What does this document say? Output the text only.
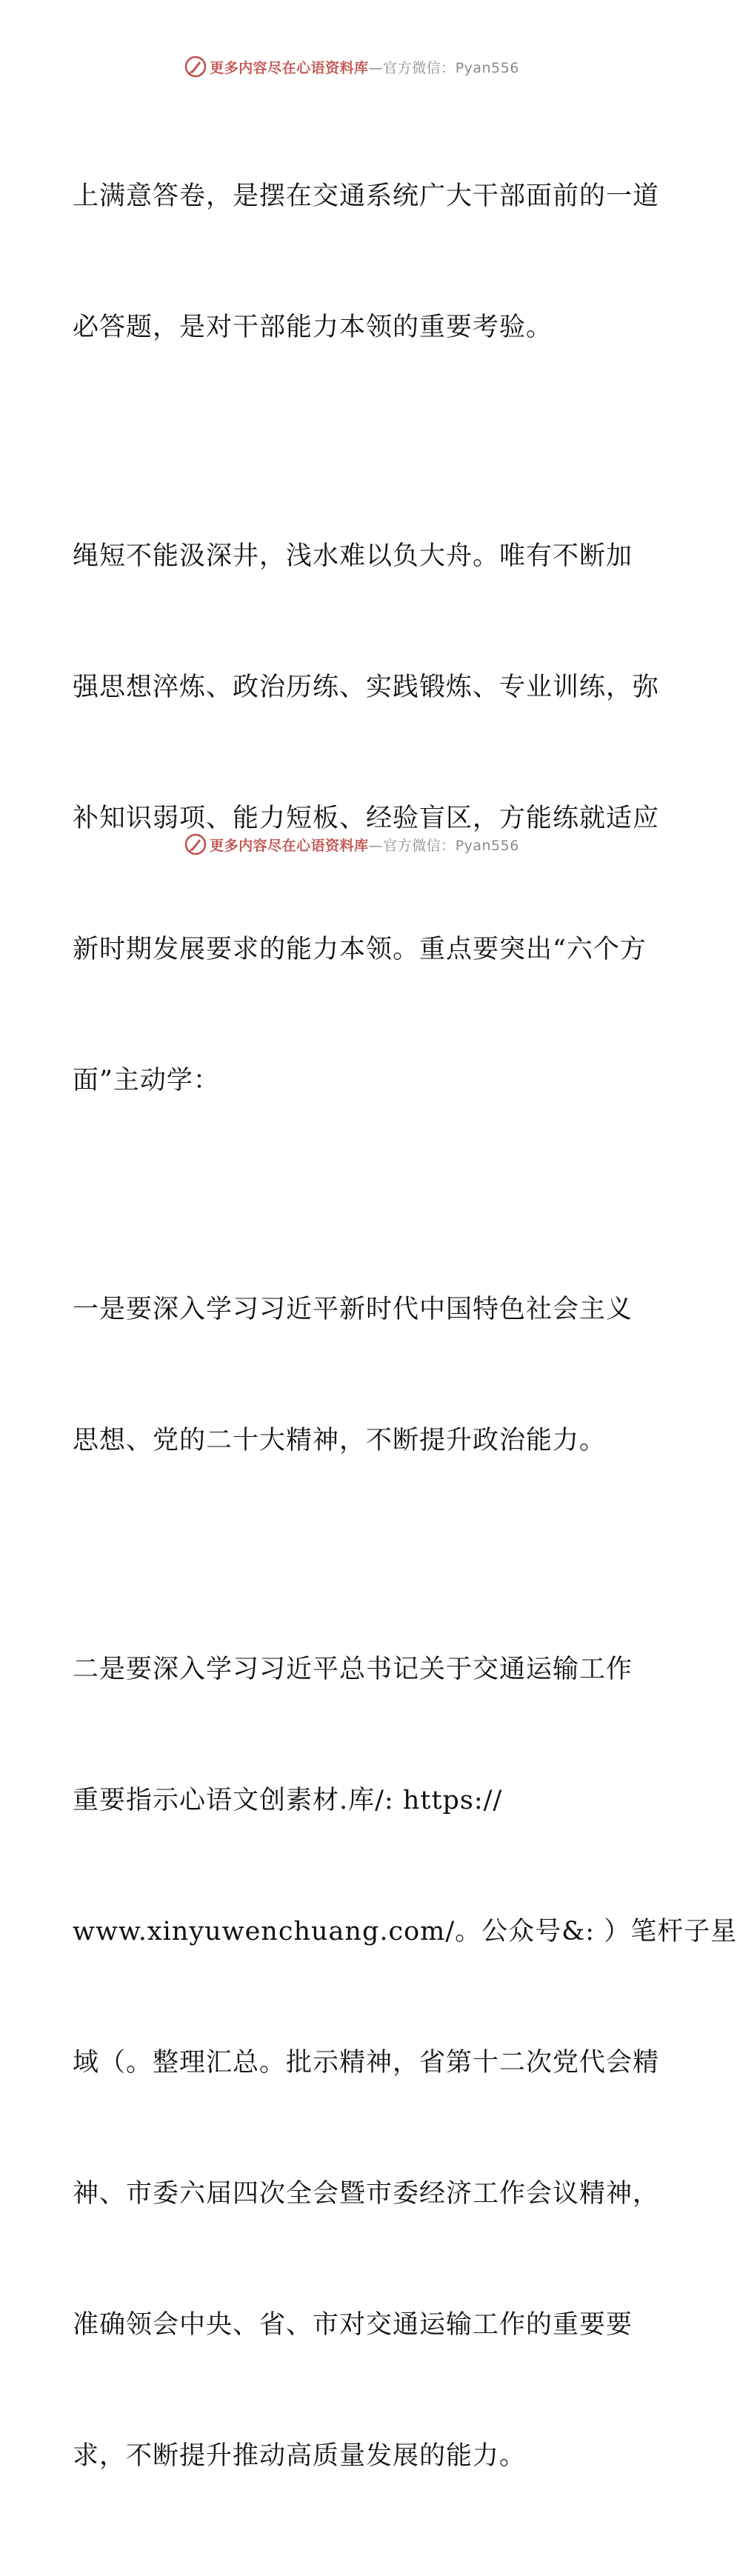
更多内容尽在心语资料库—官方微信：Pyan556

上满意答卷，是摆在交通系统广大干部面前的一道

必答题，是对干部能力本领的重要考验。

绳短不能汲深井，浅水难以负大舟。唯有不断加

强思想淬炼、政治历练、实践锻炼、专业训练，弥

补知识弱项、能力短板、经验盲区，方能练就适应

新时期发展要求的能力本领。重点要突出“六个方

面”主动学：

一是要深入学习习近平新时代中国特色社会主义

思想、党的二十大精神，不断提升政治能力。

二是要深入学习习近平总书记关于交通运输工作

重要指示心语文创素材.库/: https://

www.xinyuwenchuang.com/。公众号&: ）笔杆子星

域（。整理汇总。批示精神，省第十二次党代会精

神、市委六届四次全会暨市委经济工作会议精神，

准确领会中央、省、市对交通运输工作的重要要

求，不断提升推动高质量发展的能力。

更多内容尽在心语资料库—官方微信：Pyan556
